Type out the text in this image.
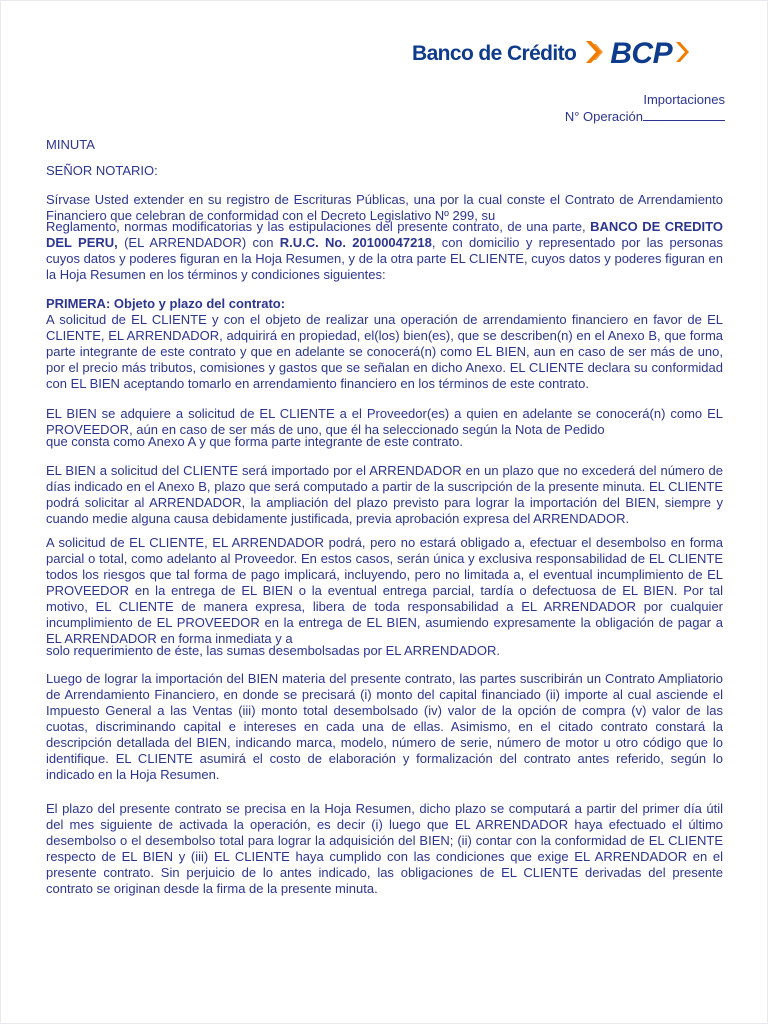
Banco de Crédito BCP
Importaciones
N° Operación

MINUTA

SEÑOR NOTARIO:

Sírvase Usted extender en su registro de Escrituras Públicas, una por la cual conste el Contrato de Arrendamiento Financiero que celebran de conformidad con el Decreto Legislativo Nº 299, su
Reglamento, normas modificatorias y las estipulaciones del presente contrato, de una parte, BANCO DE CREDITO DEL PERU, (EL ARRENDADOR) con R.U.C. No. 20100047218, con domicilio y representado por las personas cuyos datos y poderes figuran en la Hoja Resumen, y de la otra parte EL CLIENTE, cuyos datos y poderes figuran en la Hoja Resumen en los términos y condiciones siguientes:

PRIMERA: Objeto y plazo del contrato:

A solicitud de EL CLIENTE y con el objeto de realizar una operación de arrendamiento financiero en favor de EL CLIENTE, EL ARRENDADOR, adquirirá en propiedad, el(los) bien(es), que se describen(n) en el Anexo B, que forma parte integrante de este contrato y que en adelante se conocerá(n) como EL BIEN, aun en caso de ser más de uno, por el precio más tributos, comisiones y gastos que se señalan en dicho Anexo. EL CLIENTE declara su conformidad con EL BIEN aceptando tomarlo en arrendamiento financiero en los términos de este contrato.

EL BIEN se adquiere a solicitud de EL CLIENTE a el Proveedor(es) a quien en adelante se conocerá(n) como EL PROVEEDOR, aún en caso de ser más de uno, que él ha seleccionado según la Nota de Pedido

que consta como Anexo A y que forma parte integrante de este contrato.

EL BIEN a solicitud del CLIENTE será importado por el ARRENDADOR en un plazo que no excederá del número de días indicado en el Anexo B, plazo que será computado a partir de la suscripción de la presente minuta. EL CLIENTE podrá solicitar al ARRENDADOR, la ampliación del plazo previsto para lograr la importación del BIEN, siempre y cuando medie alguna causa debidamente justificada, previa aprobación expresa del ARRENDADOR.

A solicitud de EL CLIENTE, EL ARRENDADOR podrá, pero no estará obligado a, efectuar el desembolso en forma parcial o total, como adelanto al Proveedor. En estos casos, serán única y exclusiva responsabilidad de EL CLIENTE todos los riesgos que tal forma de pago implicará, incluyendo, pero no limitada a, el eventual incumplimiento de EL PROVEEDOR en la entrega de EL BIEN o la eventual entrega parcial, tardía o defectuosa de EL BIEN. Por tal motivo, EL CLIENTE de manera expresa, libera de toda responsabilidad a EL ARRENDADOR por cualquier incumplimiento de EL PROVEEDOR en la entrega de EL BIEN, asumiendo expresamente la obligación de pagar a EL ARRENDADOR en forma inmediata y a

solo requerimiento de éste, las sumas desembolsadas por EL ARRENDADOR.

Luego de lograr la importación del BIEN materia del presente contrato, las partes suscribirán un Contrato Ampliatorio de Arrendamiento Financiero, en donde se precisará (i) monto del capital financiado (ii) importe al cual asciende el Impuesto General a las Ventas (iii) monto total desembolsado (iv) valor de la opción de compra (v) valor de las cuotas, discriminando capital e intereses en cada una de ellas. Asimismo, en el citado contrato constará la descripción detallada del BIEN, indicando marca, modelo, número de serie, número de motor u otro código que lo identifique. EL CLIENTE asumirá el costo de elaboración y formalización del contrato antes referido, según lo indicado en la Hoja Resumen.

El plazo del presente contrato se precisa en la Hoja Resumen, dicho plazo se computará a partir del primer día útil del mes siguiente de activada la operación, es decir (i) luego que EL ARRENDADOR haya efectuado el último desembolso o el desembolso total para lograr la adquisición del BIEN; (ii) contar con la conformidad de EL CLIENTE respecto de EL BIEN y (iii) EL CLIENTE haya cumplido con las condiciones que exige EL ARRENDADOR en el presente contrato. Sin perjuicio de lo antes indicado, las obligaciones de EL CLIENTE derivadas del presente contrato se originan desde la firma de la presente minuta.
